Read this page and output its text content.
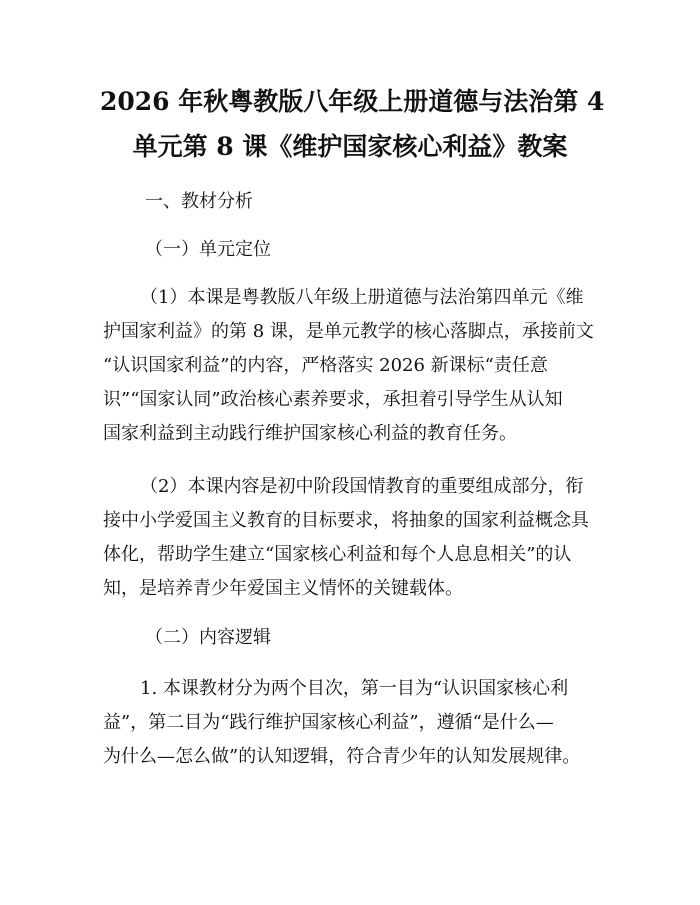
2026 年秋粤教版八年级上册道德与法治第 4
单元第 8 课《维护国家核心利益》教案

一、教材分析

（一）单元定位

（1）本课是粤教版八年级上册道德与法治第四单元《维

护国家利益》的第 8 课，是单元教学的核心落脚点，承接前文

“认识国家利益”的内容，严格落实 2026 新课标“责任意

识”“国家认同”政治核心素养要求，承担着引导学生从认知

国家利益到主动践行维护国家核心利益的教育任务。

（2）本课内容是初中阶段国情教育的重要组成部分，衔

接中小学爱国主义教育的目标要求，将抽象的国家利益概念具

体化，帮助学生建立“国家核心利益和每个人息息相关”的认

知，是培养青少年爱国主义情怀的关键载体。

（二）内容逻辑

1. 本课教材分为两个目次，第一目为“认识国家核心利

益”，第二目为“践行维护国家核心利益”，遵循“是什么—

为什么—怎么做”的认知逻辑，符合青少年的认知发展规律。
